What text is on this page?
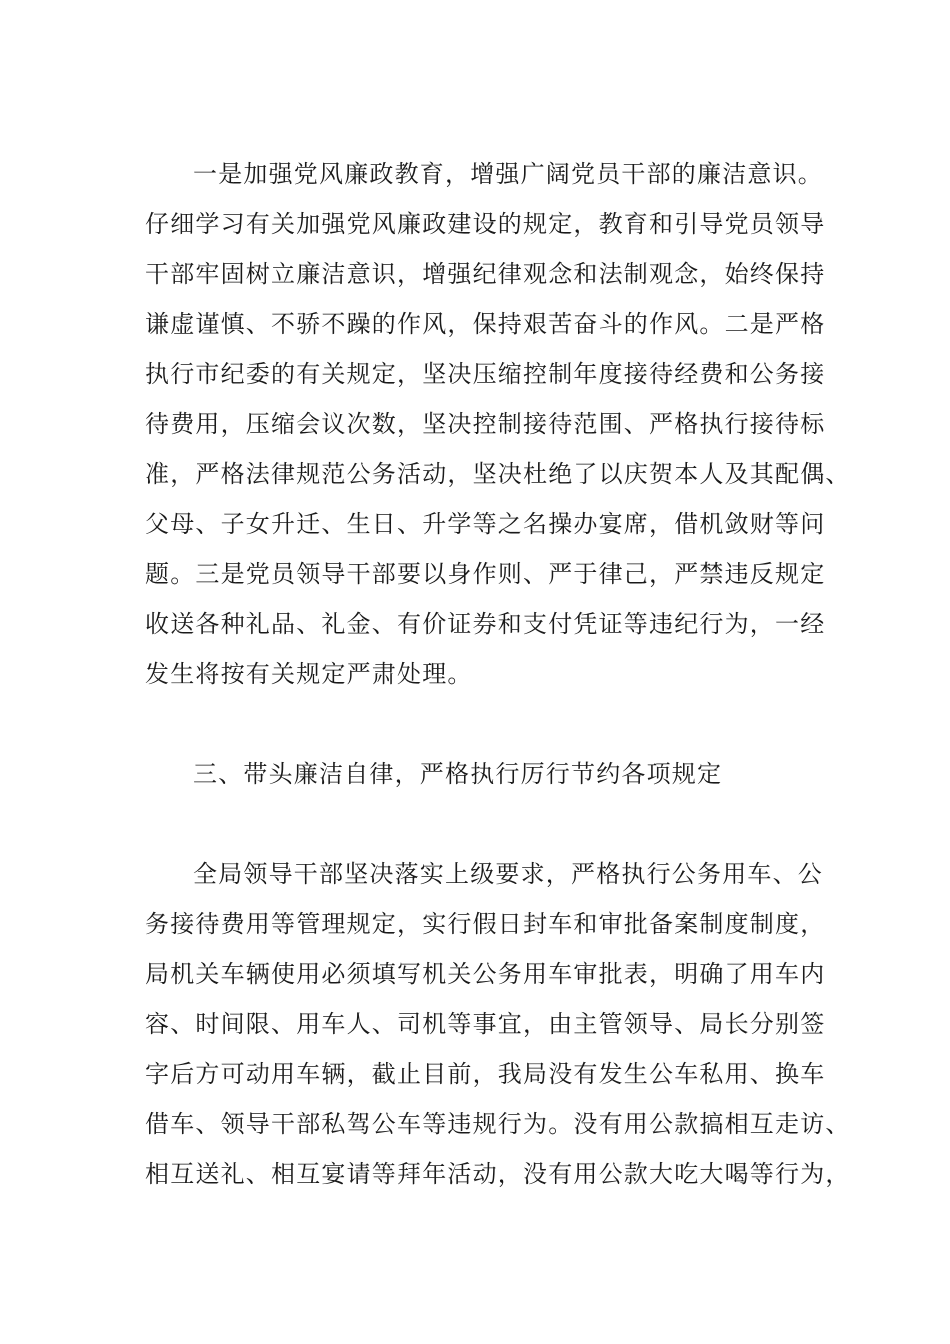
一是加强党风廉政教育，增强广阔党员干部的廉洁意识。
仔细学习有关加强党风廉政建设的规定，教育和引导党员领导
干部牢固树立廉洁意识，增强纪律观念和法制观念，始终保持
谦虚谨慎、不骄不躁的作风，保持艰苦奋斗的作风。二是严格
执行市纪委的有关规定，坚决压缩控制年度接待经费和公务接
待费用，压缩会议次数，坚决控制接待范围、严格执行接待标
准，严格法律规范公务活动，坚决杜绝了以庆贺本人及其配偶、
父母、子女升迁、生日、升学等之名操办宴席，借机敛财等问
题。三是党员领导干部要以身作则、严于律己，严禁违反规定
收送各种礼品、礼金、有价证券和支付凭证等违纪行为，一经
发生将按有关规定严肃处理。
三、带头廉洁自律，严格执行厉行节约各项规定
全局领导干部坚决落实上级要求，严格执行公务用车、公
务接待费用等管理规定，实行假日封车和审批备案制度制度，
局机关车辆使用必须填写机关公务用车审批表，明确了用车内
容、时间限、用车人、司机等事宜，由主管领导、局长分别签
字后方可动用车辆，截止目前，我局没有发生公车私用、换车
借车、领导干部私驾公车等违规行为。没有用公款搞相互走访、
相互送礼、相互宴请等拜年活动，没有用公款大吃大喝等行为，
